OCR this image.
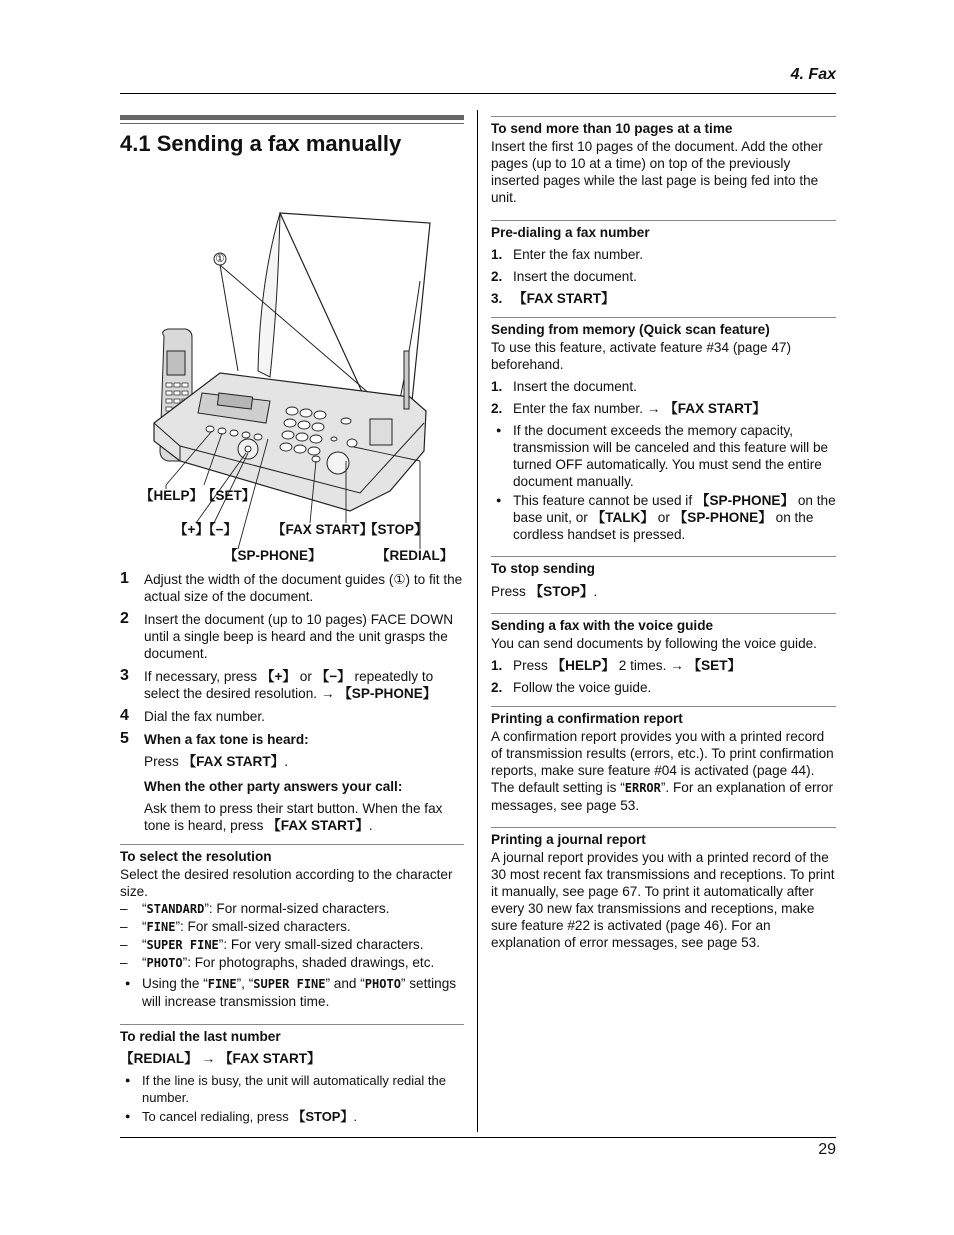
4. Fax
4.1 Sending a fax manually
①
【HELP】
【SET】
【+】【−】	【FAX START】
【STOP】
【SP-PHONE】	【REDIAL】
1 Adjust the width of the document guides (①) to fit the actual size of the document.

2 Insert the document (up to 10 pages) FACE DOWN until a single beep is heard and the unit grasps the document.

3 If necessary, press 【+】 or 【−】 repeatedly to select the desired resolution. → 【SP-PHONE】

4 Dial the fax number.

5 When a fax tone is heard:

Press 【FAX START】.

When the other party answers your call:

Ask them to press their start button. When the fax tone is heard, press 【FAX START】.

To select the resolution

Select the desired resolution according to the character size.

– “STANDARD”: For normal-sized characters.

– “FINE”: For small-sized characters.

– “SUPER FINE”: For very small-sized characters.

– “PHOTO”: For photographs, shaded drawings, etc.

● Using the “FINE”, “SUPER FINE” and “PHOTO” settings will increase transmission time.

To redial the last number

【REDIAL】 → 【FAX START】

● If the line is busy, the unit will automatically redial the number.

● To cancel redialing, press 【STOP】.

To send more than 10 pages at a time

Insert the first 10 pages of the document. Add the other pages (up to 10 at a time) on top of the previously inserted pages while the last page is being fed into the unit.

Pre-dialing a fax number

1. Enter the fax number.

2. Insert the document.

3. 【FAX START】

Sending from memory (Quick scan feature)

To use this feature, activate feature #34 (page 47) beforehand.

1. Insert the document.

2. Enter the fax number. → 【FAX START】

● If the document exceeds the memory capacity, transmission will be canceled and this feature will be turned OFF automatically. You must send the entire document manually.

● This feature cannot be used if 【SP-PHONE】 on the base unit, or 【TALK】 or 【SP-PHONE】 on the cordless handset is pressed.

To stop sending

Press 【STOP】.

Sending a fax with the voice guide

You can send documents by following the voice guide.

1. Press 【HELP】 2 times. → 【SET】

2. Follow the voice guide.

Printing a confirmation report

A confirmation report provides you with a printed record of transmission results (errors, etc.). To print confirmation reports, make sure feature #04 is activated (page 44). The default setting is “ERROR”. For an explanation of error messages, see page 53.

Printing a journal report

A journal report provides you with a printed record of the 30 most recent fax transmissions and receptions. To print it manually, see page 67. To print it automatically after every 30 new fax transmissions and receptions, make sure feature #22 is activated (page 46). For an explanation of error messages, see page 53.

29
